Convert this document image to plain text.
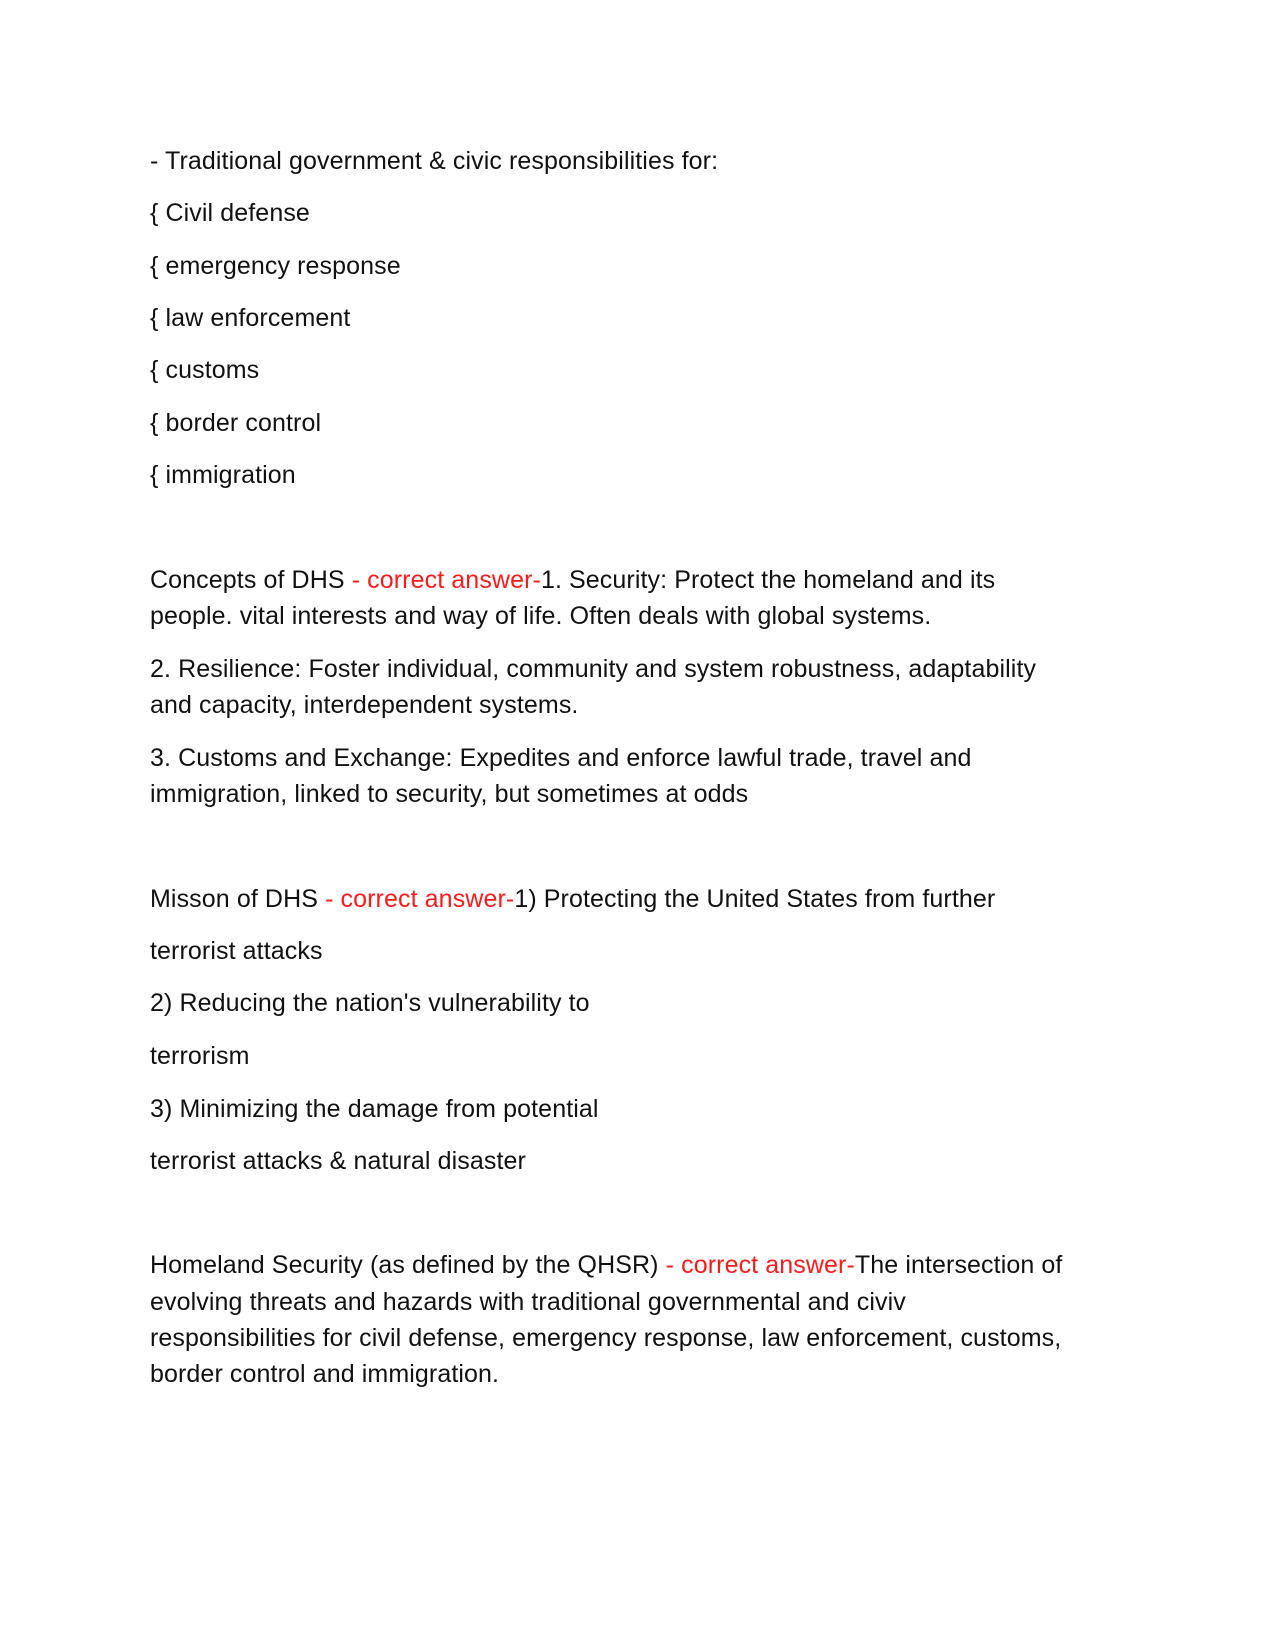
- Traditional government & civic responsibilities for:
{ Civil defense
{ emergency response
{ law enforcement
{ customs
{ border control
{ immigration
Concepts of DHS - correct answer-1. Security: Protect the homeland and its
people. vital interests and way of life. Often deals with global systems.
2. Resilience: Foster individual, community and system robustness, adaptability
and capacity, interdependent systems.
3. Customs and Exchange: Expedites and enforce lawful trade, travel and
immigration, linked to security, but sometimes at odds
Misson of DHS - correct answer-1) Protecting the United States from further
terrorist attacks
2) Reducing the nation's vulnerability to
terrorism
3) Minimizing the damage from potential
terrorist attacks & natural disaster
Homeland Security (as defined by the QHSR) - correct answer-The intersection of
evolving threats and hazards with traditional governmental and civiv
responsibilities for civil defense, emergency response, law enforcement, customs,
border control and immigration.
